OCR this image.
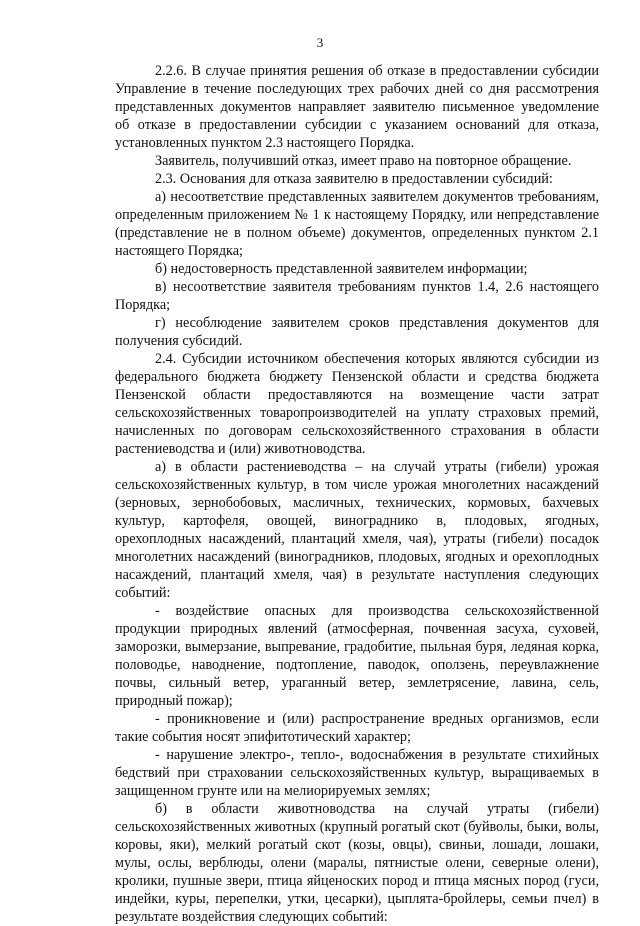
3

2.2.6. В случае принятия решения об отказе в предоставлении субсидии Управление в течение последующих трех рабочих дней со дня рассмотрения представленных документов направляет заявителю письменное уведомление об отказе в предоставлении субсидии с указанием оснований для отказа, установленных пунктом 2.3 настоящего Порядка.

Заявитель, получивший отказ, имеет право на повторное обращение.

2.3. Основания для отказа заявителю в предоставлении субсидий:

а) несоответствие представленных заявителем документов требованиям, определенным приложением № 1 к настоящему Порядку, или непредставление (представление не в полном объеме) документов, определенных пунктом 2.1 настоящего Порядка;

б) недостоверность представленной заявителем информации;

в) несоответствие заявителя требованиям пунктов 1.4, 2.6 настоящего Порядка;

г) несоблюдение заявителем сроков представления документов для получения субсидий.

2.4. Субсидии источником обеспечения которых являются субсидии из федерального бюджета бюджету Пензенской области и средства бюджета Пензенской области предоставляются на возмещение части затрат сельскохозяйственных товаропроизводителей на уплату страховых премий, начисленных по договорам сельскохозяйственного страхования в области растениеводства и (или) животноводства.

а) в области растениеводства – на случай утраты (гибели) урожая сельскохозяйственных культур, в том числе урожая многолетних насаждений (зерновых, зернобобовых, масличных, технических, кормовых, бахчевых культур, картофеля, овощей, винограднико в, плодовых, ягодных, орехоплодных насаждений, плантаций хмеля, чая), утраты (гибели) посадок многолетних насаждений (виноградников, плодовых, ягодных и орехоплодных насаждений, плантаций хмеля, чая) в результате наступления следующих событий:

- воздействие опасных для производства сельскохозяйственной продукции природных явлений (атмосферная, почвенная засуха, суховей, заморозки, вымерзание, выпревание, градобитие, пыльная буря, ледяная корка, половодье, наводнение, подтопление, паводок, оползень, переувлажнение почвы, сильный ветер, ураганный ветер, землетрясение, лавина, сель, природный пожар);

- проникновение и (или) распространение вредных организмов, если такие события носят эпифитотический характер;

- нарушение электро-, тепло-, водоснабжения в результате стихийных бедствий при страховании сельскохозяйственных культур, выращиваемых в защищенном грунте или на мелиорируемых землях;

б) в области животноводства на случай утраты (гибели) сельскохозяйственных животных (крупный рогатый скот (буйволы, быки, волы, коровы, яки), мелкий рогатый скот (козы, овцы), свиньи, лошади, лошаки, мулы, ослы, верблюды, олени (маралы, пятнистые олени, северные олени), кролики, пушные звери, птица яйценоских пород и птица мясных пород (гуси, индейки, куры, перепелки, утки, цесарки), цыплята-бройлеры, семьи пчел) в результате воздействия следующих событий:
